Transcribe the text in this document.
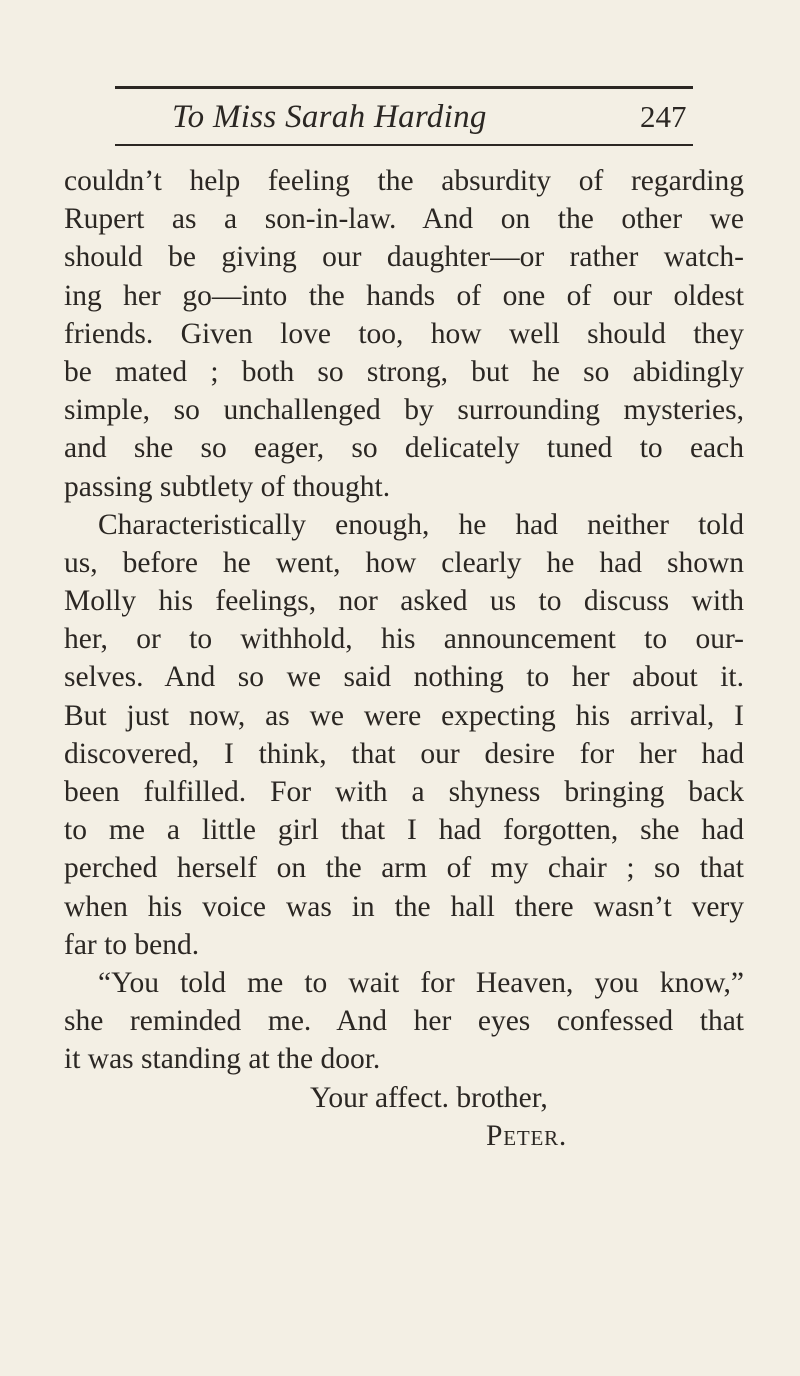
To Miss Sarah Harding	247
couldn’t help feeling the absurdity of regarding
Rupert as a son-in-law. And on the other we
should be giving our daughter—or rather watch-
ing her go—into the hands of one of our oldest
friends. Given love too, how well should they
be mated ; both so strong, but he so abidingly
simple, so unchallenged by surrounding mysteries,
and she so eager, so delicately tuned to each
passing subtlety of thought.
Characteristically enough, he had neither told
us, before he went, how clearly he had shown
Molly his feelings, nor asked us to discuss with
her, or to withhold, his announcement to our-
selves. And so we said nothing to her about it.
But just now, as we were expecting his arrival, I
discovered, I think, that our desire for her had
been fulfilled. For with a shyness bringing back
to me a little girl that I had forgotten, she had
perched herself on the arm of my chair ; so that
when his voice was in the hall there wasn’t very
far to bend.
“You told me to wait for Heaven, you know,”
she reminded me. And her eyes confessed that
it was standing at the door.
Your affect. brother,
Peter.
